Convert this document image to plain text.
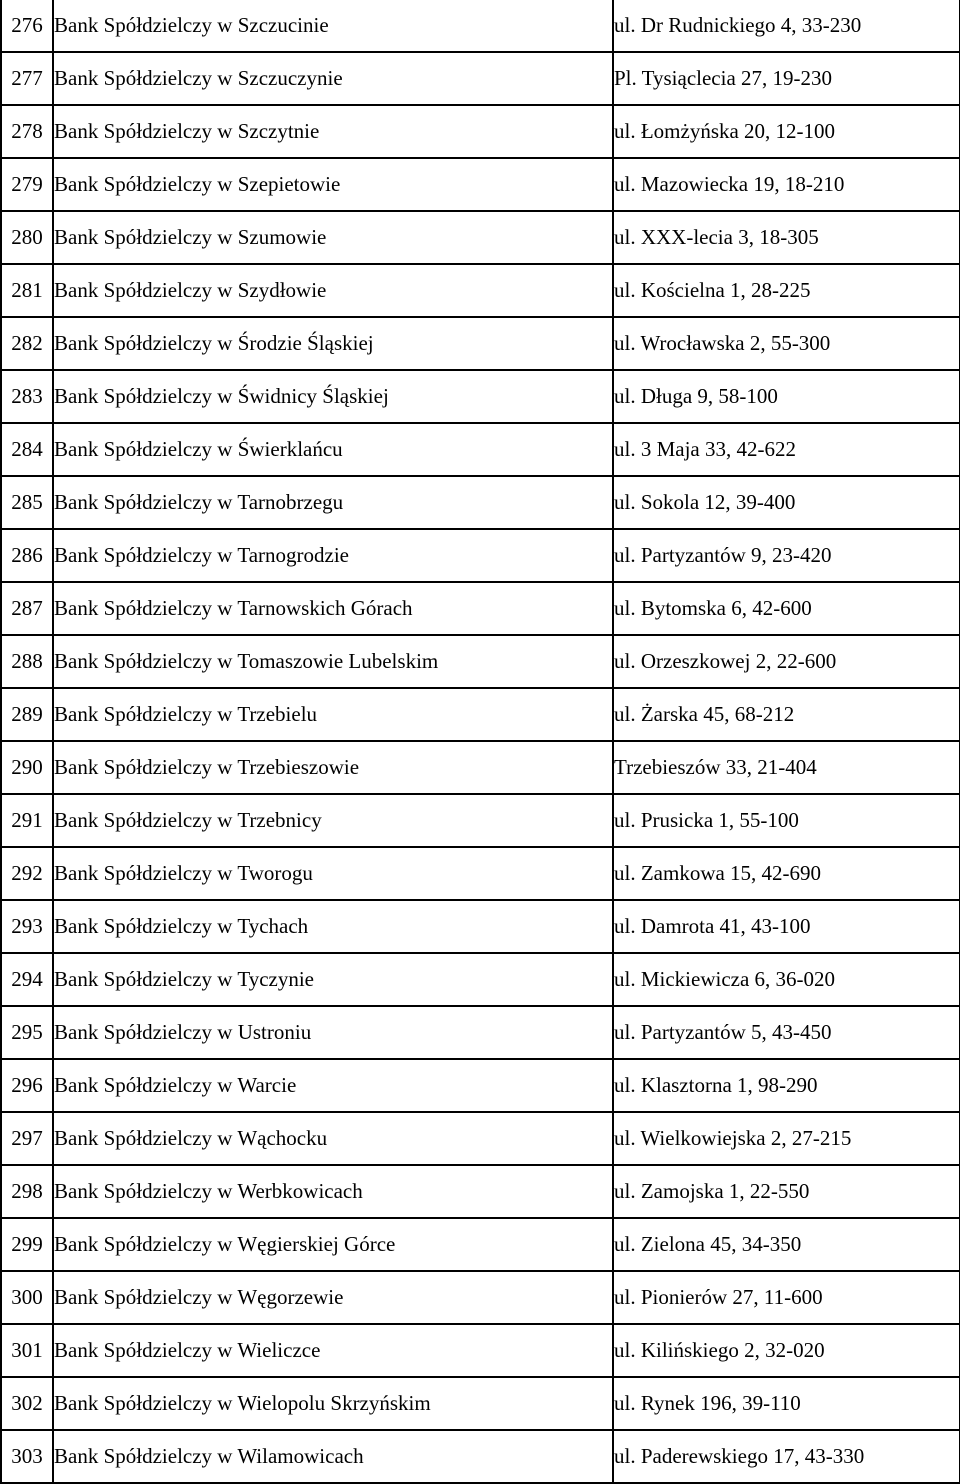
276	Bank Spółdzielczy w Szczucinie	ul. Dr Rudnickiego 4, 33-230
277	Bank Spółdzielczy w Szczuczynie	Pl. Tysiąclecia 27, 19-230
278	Bank Spółdzielczy w Szczytnie	ul. Łomżyńska 20, 12-100
279	Bank Spółdzielczy w Szepietowie	ul. Mazowiecka 19, 18-210
280	Bank Spółdzielczy w Szumowie	ul. XXX-lecia 3, 18-305
281	Bank Spółdzielczy w Szydłowie	ul. Kościelna 1, 28-225
282	Bank Spółdzielczy w Środzie Śląskiej	ul. Wrocławska 2, 55-300
283	Bank Spółdzielczy w Świdnicy Śląskiej	ul. Długa 9, 58-100
284	Bank Spółdzielczy w Świerklańcu	ul. 3 Maja 33, 42-622
285	Bank Spółdzielczy w Tarnobrzegu	ul. Sokola 12, 39-400
286	Bank Spółdzielczy w Tarnogrodzie	ul. Partyzantów 9, 23-420
287	Bank Spółdzielczy w Tarnowskich Górach	ul. Bytomska 6, 42-600
288	Bank Spółdzielczy w Tomaszowie Lubelskim	ul. Orzeszkowej 2, 22-600
289	Bank Spółdzielczy w Trzebielu	ul. Żarska 45, 68-212
290	Bank Spółdzielczy w Trzebieszowie	Trzebieszów 33, 21-404
291	Bank Spółdzielczy w Trzebnicy	ul. Prusicka 1, 55-100
292	Bank Spółdzielczy w Tworogu	ul. Zamkowa 15, 42-690
293	Bank Spółdzielczy w Tychach	ul. Damrota 41, 43-100
294	Bank Spółdzielczy w Tyczynie	ul. Mickiewicza 6, 36-020
295	Bank Spółdzielczy w Ustroniu	ul. Partyzantów 5, 43-450
296	Bank Spółdzielczy w Warcie	ul. Klasztorna 1, 98-290
297	Bank Spółdzielczy w Wąchocku	ul. Wielkowiejska 2, 27-215
298	Bank Spółdzielczy w Werbkowicach	ul. Zamojska 1, 22-550
299	Bank Spółdzielczy w Węgierskiej Górce	ul. Zielona 45, 34-350
300	Bank Spółdzielczy w Węgorzewie	ul. Pionierów 27, 11-600
301	Bank Spółdzielczy w Wieliczce	ul. Kilińskiego 2, 32-020
302	Bank Spółdzielczy w Wielopolu Skrzyńskim	ul. Rynek 196, 39-110
303	Bank Spółdzielczy w Wilamowicach	ul. Paderewskiego 17, 43-330
